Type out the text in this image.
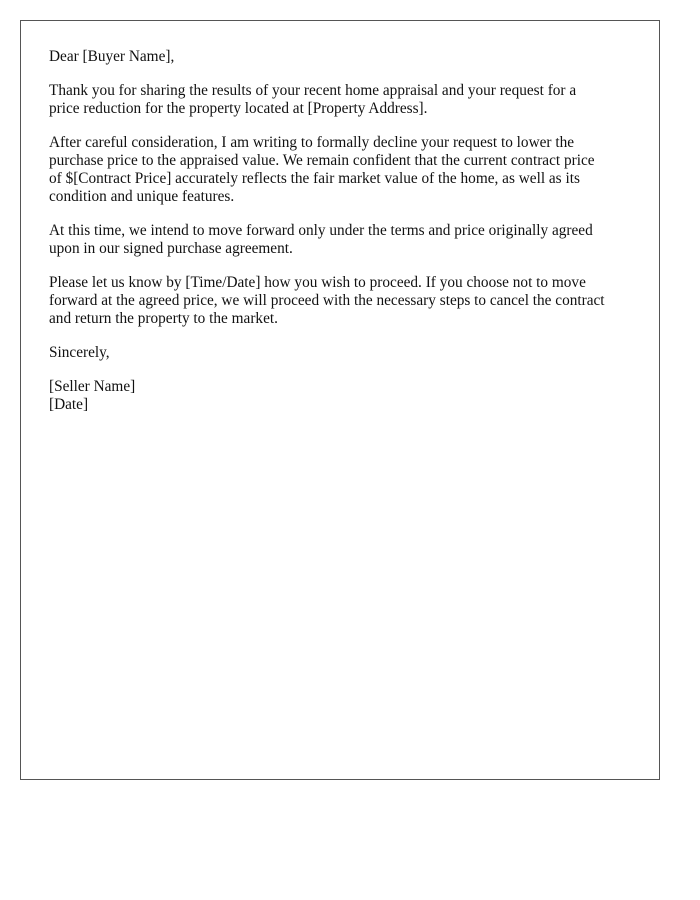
Dear [Buyer Name],

Thank you for sharing the results of your recent home appraisal and your request for a
price reduction for the property located at [Property Address].

After careful consideration, I am writing to formally decline your request to lower the
purchase price to the appraised value. We remain confident that the current contract price
of $[Contract Price] accurately reflects the fair market value of the home, as well as its
condition and unique features.

At this time, we intend to move forward only under the terms and price originally agreed
upon in our signed purchase agreement.

Please let us know by [Time/Date] how you wish to proceed. If you choose not to move
forward at the agreed price, we will proceed with the necessary steps to cancel the contract
and return the property to the market.

Sincerely,

[Seller Name]
[Date]
